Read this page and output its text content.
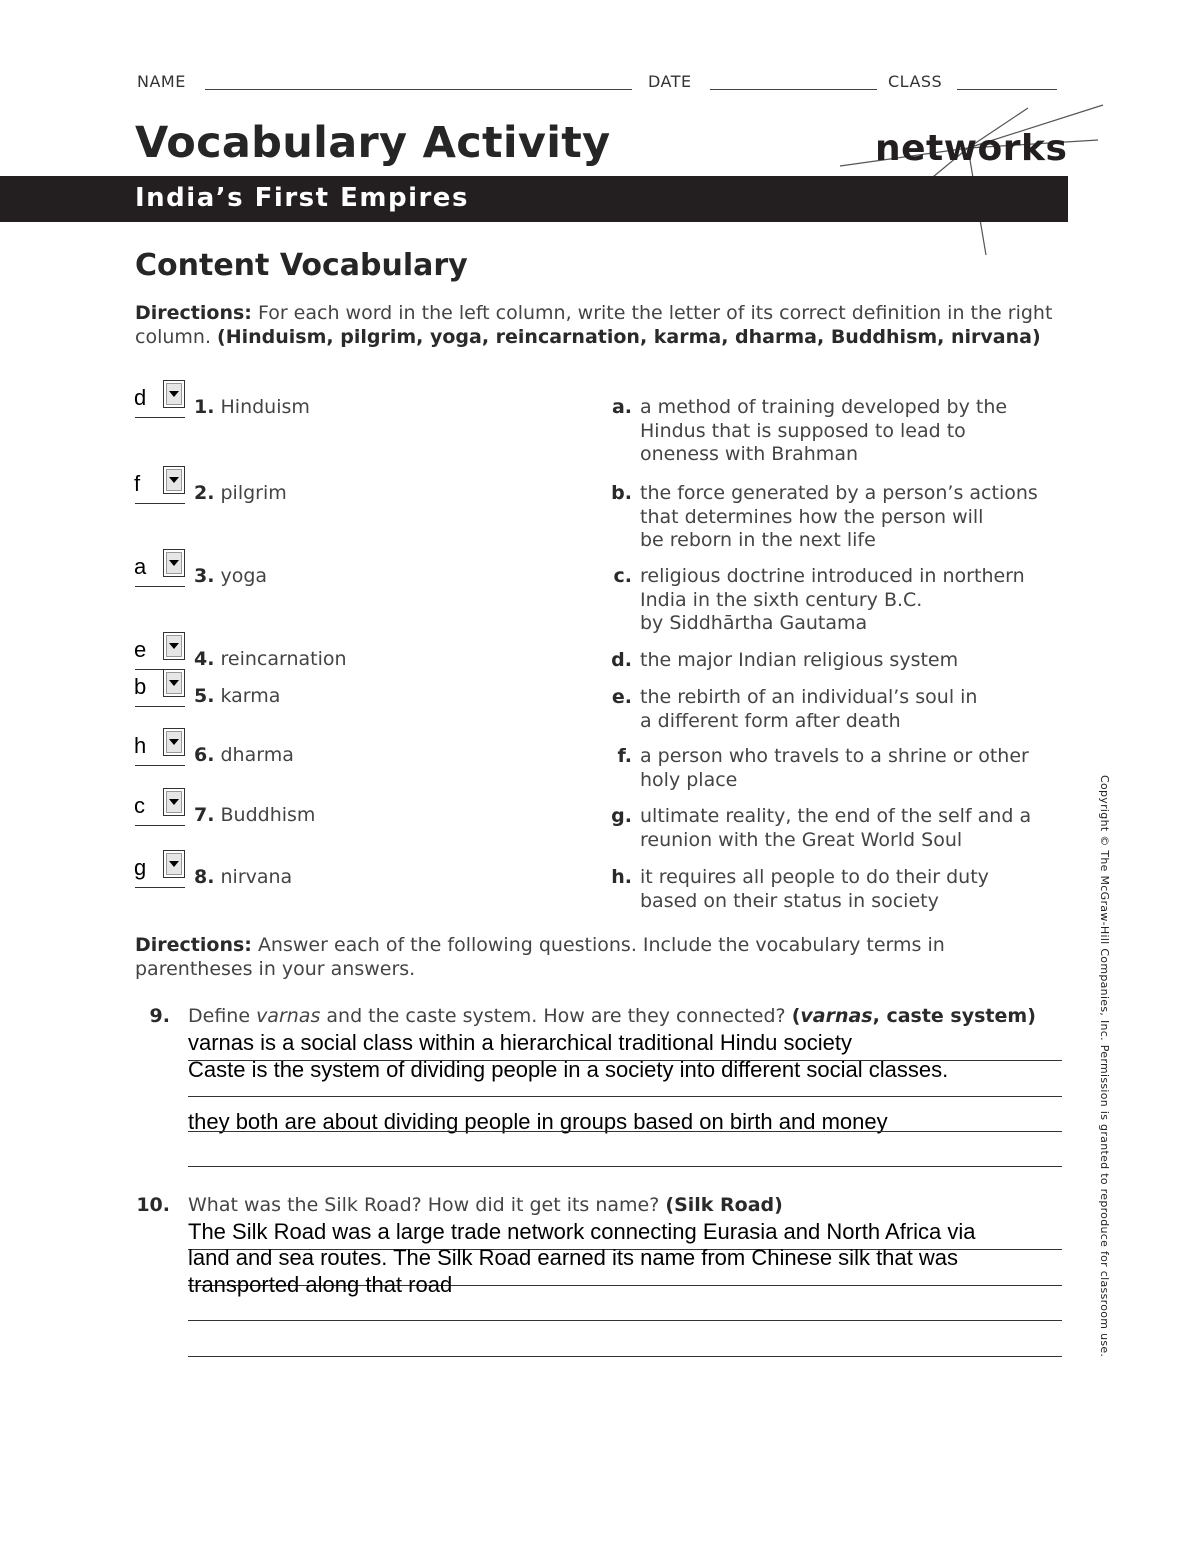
NAME	DATE	CLASS
Vocabulary Activity	netw o rks
India’s First Empires
Content Vocabulary
Directions: For each word in the left column, write the letter of its correct definition in the right column. (Hinduism, pilgrim, yoga, reincarnation, karma, dharma, Buddhism, nirvana)
d	1. Hinduism
f	2. pilgrim
a	3. yoga
e	4. reincarnation
b	5. karma
h	6. dharma
c	7. Buddhism
g	8. nirvana
a. a method of training developed by the
Hindus that is supposed to lead to
oneness with Brahman
b. the force generated by a person’s actions
that determines how the person will
be reborn in the next life
c. religious doctrine introduced in northern
India in the sixth century B.C.
by Siddhārtha Gautama
d. the major Indian religious system
e. the rebirth of an individual’s soul in
a different form after death
f. a person who travels to a shrine or other
holy place
g. ultimate reality, the end of the self and a
reunion with the Great World Soul
h. it requires all people to do their duty
based on their status in society
Directions: Answer each of the following questions. Include the vocabulary terms in parentheses in your answers.
9. Define varnas and the caste system. How are they connected? (varnas, caste system)
varnas is a social class within a hierarchical traditional Hindu society
Caste is the system of dividing people in a society into different social classes.
they both are about dividing people in groups based on birth and money
10. What was the Silk Road? How did it get its name? (Silk Road)
The Silk Road was a large trade network connecting Eurasia and North Africa via
land and sea routes. The Silk Road earned its name from Chinese silk that was
transported along that road	Copyright © The McGraw-Hill Companies, Inc. Permission is granted to reproduce for classroom use.
